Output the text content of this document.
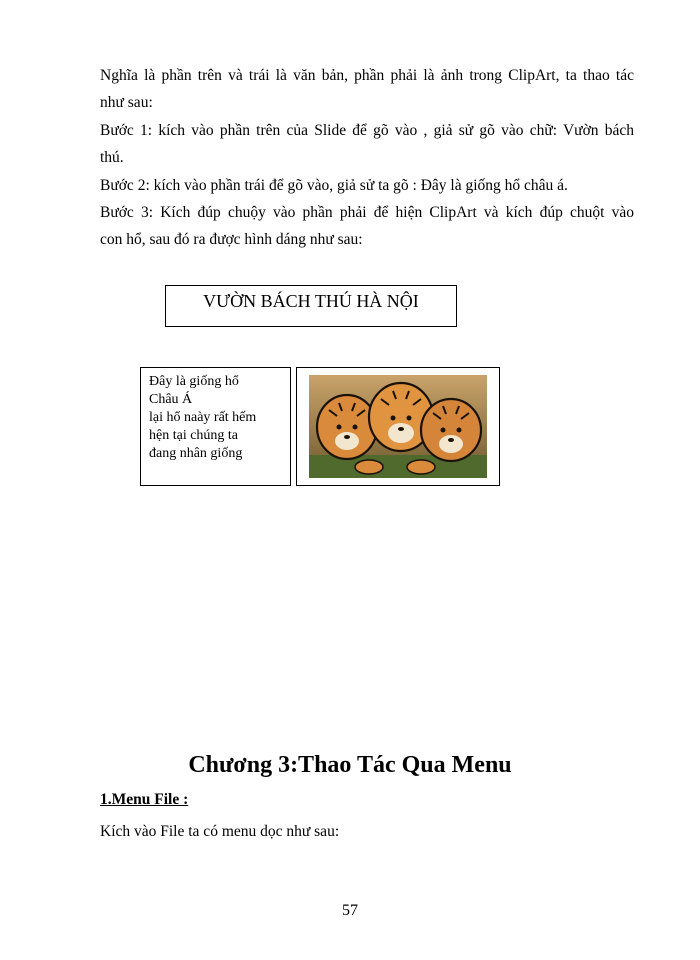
Nghĩa là phần trên và trái là văn bản, phần phải là ảnh trong ClipArt, ta thao tác

như sau:

Bước 1: kích vào phần trên của Slide để gõ vào , giả sử gõ vào chữ: Vườn bách

thú.

Bước 2: kích vào phần trái để gõ vào, giả sử ta gõ : Đây là giống hổ châu á.

Bước 3: Kích đúp chuộy vào phần phải để hiện ClipArt và kích đúp chuột vào

con hổ, sau đó ra được hình dáng như sau:

VƯỜN BÁCH THÚ HÀ NỘI
Đây là giống hổ
Châu Á
lại hổ naày rất hếm
hện tại chúng ta
đang nhân giống
Chương 3:Thao Tác Qua Menu
1.Menu File :

Kích vào File ta có menu dọc như sau:

57
